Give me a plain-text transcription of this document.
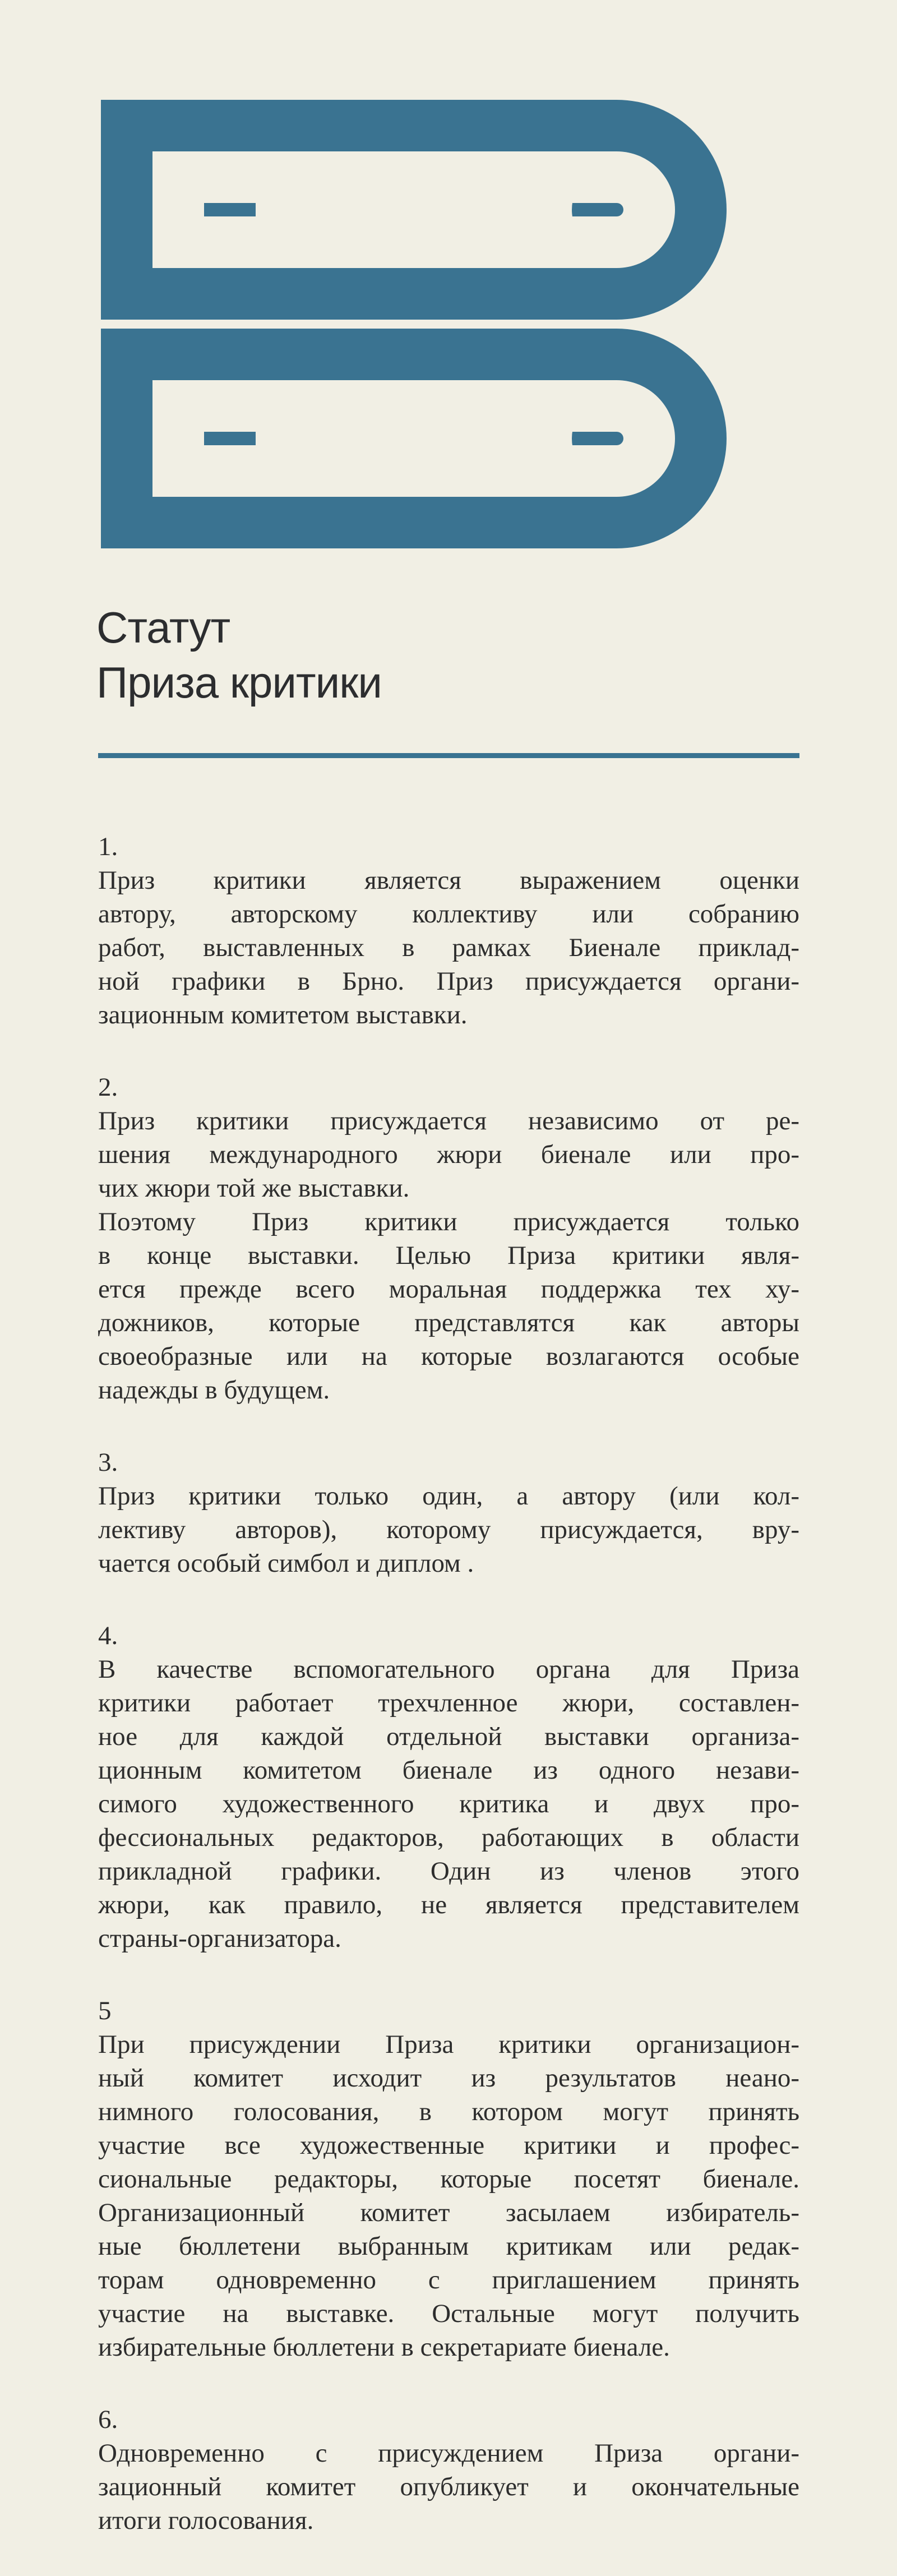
Статут
Приза критики
1.
Приз критики является выражением оценки
автору, авторскому коллективу или собранию
работ, выставленных в рамках Биенале приклад-
ной графики в Брно. Приз присуждается органи-
зационным комитетом выставки.
2.
Приз критики присуждается независимо от ре-
шения международного жюри биенале или про-
чих жюри той же выставки.
Поэтому Приз критики присуждается только
в конце выставки. Целью Приза критики явля-
ется прежде всего моральная поддержка тех ху-
дожников, которые представлятся как авторы
своеобразные или на которые возлагаются особые
надежды в будущем.
3.
Приз критики только один, а автору (или кол-
лективу авторов), которому присуждается, вру-
чается особый симбол и диплом .
4.
В качестве вспомогательного органа для Приза
критики работает трехчленное жюри, составлен-
ное для каждой отдельной выставки организа-
ционным комитетом биенале из одного незави-
симого художественного критика и двух про-
фессиональных редакторов, работающих в области
прикладной графики. Один из членов этого
жюри, как правило, не является представителем
страны-организатора.
5
При присуждении Приза критики организацион-
ный комитет исходит из результатов неано-
нимного голосования, в котором могут принять
участие все художественные критики и профес-
сиональные редакторы, которые посетят биенале.
Организационный комитет засылаем избиратель-
ные бюллетени выбранным критикам или редак-
торам одновременно с приглашением принять
участие на выставке. Остальные могут получить
избирательные бюллетени в секретариате биенале.
6.
Одновременно с присуждением Приза органи-
зационный комитет опубликует и окончательные
итоги голосования.
